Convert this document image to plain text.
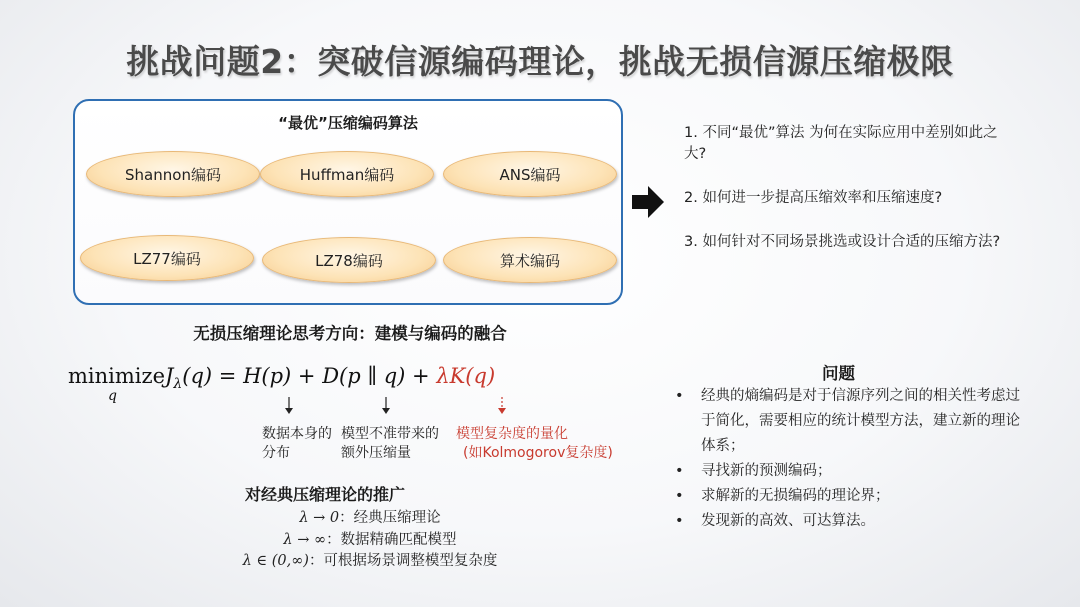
挑战问题2：突破信源编码理论，挑战无损信源压缩极限
“最优”压缩编码算法
Shannon编码	Huffman编码	ANS编码
LZ77编码	LZ78编码	算术编码
1. 不同“最优”算法 为何在实际应用中差别如此之大?
2. 如何进一步提高压缩效率和压缩速度?
3. 如何针对不同场景挑选或设计合适的压缩方法?
无损压缩理论思考方向：建模与编码的融合
minimize
q
$J_\lambda(q) = H(p) + D(p$ ∥ q) + λK(q)
数据本身的分布
模型不准带来的额外压缩量
模型复杂度的量化
(如Kolmogorov复杂度)
对经典压缩理论的推广
λ → 0：经典压缩理论
λ → ∞：数据精确匹配模型
λ ∈ (0,∞)：可根据场景调整模型复杂度
问题
• 经典的熵编码是对于信源序列之间的相关性考虑过于简化，需要相应的统计模型方法，建立新的理论体系；
• 寻找新的预测编码；
• 求解新的无损编码的理论界；
• 发现新的高效、可达算法。
